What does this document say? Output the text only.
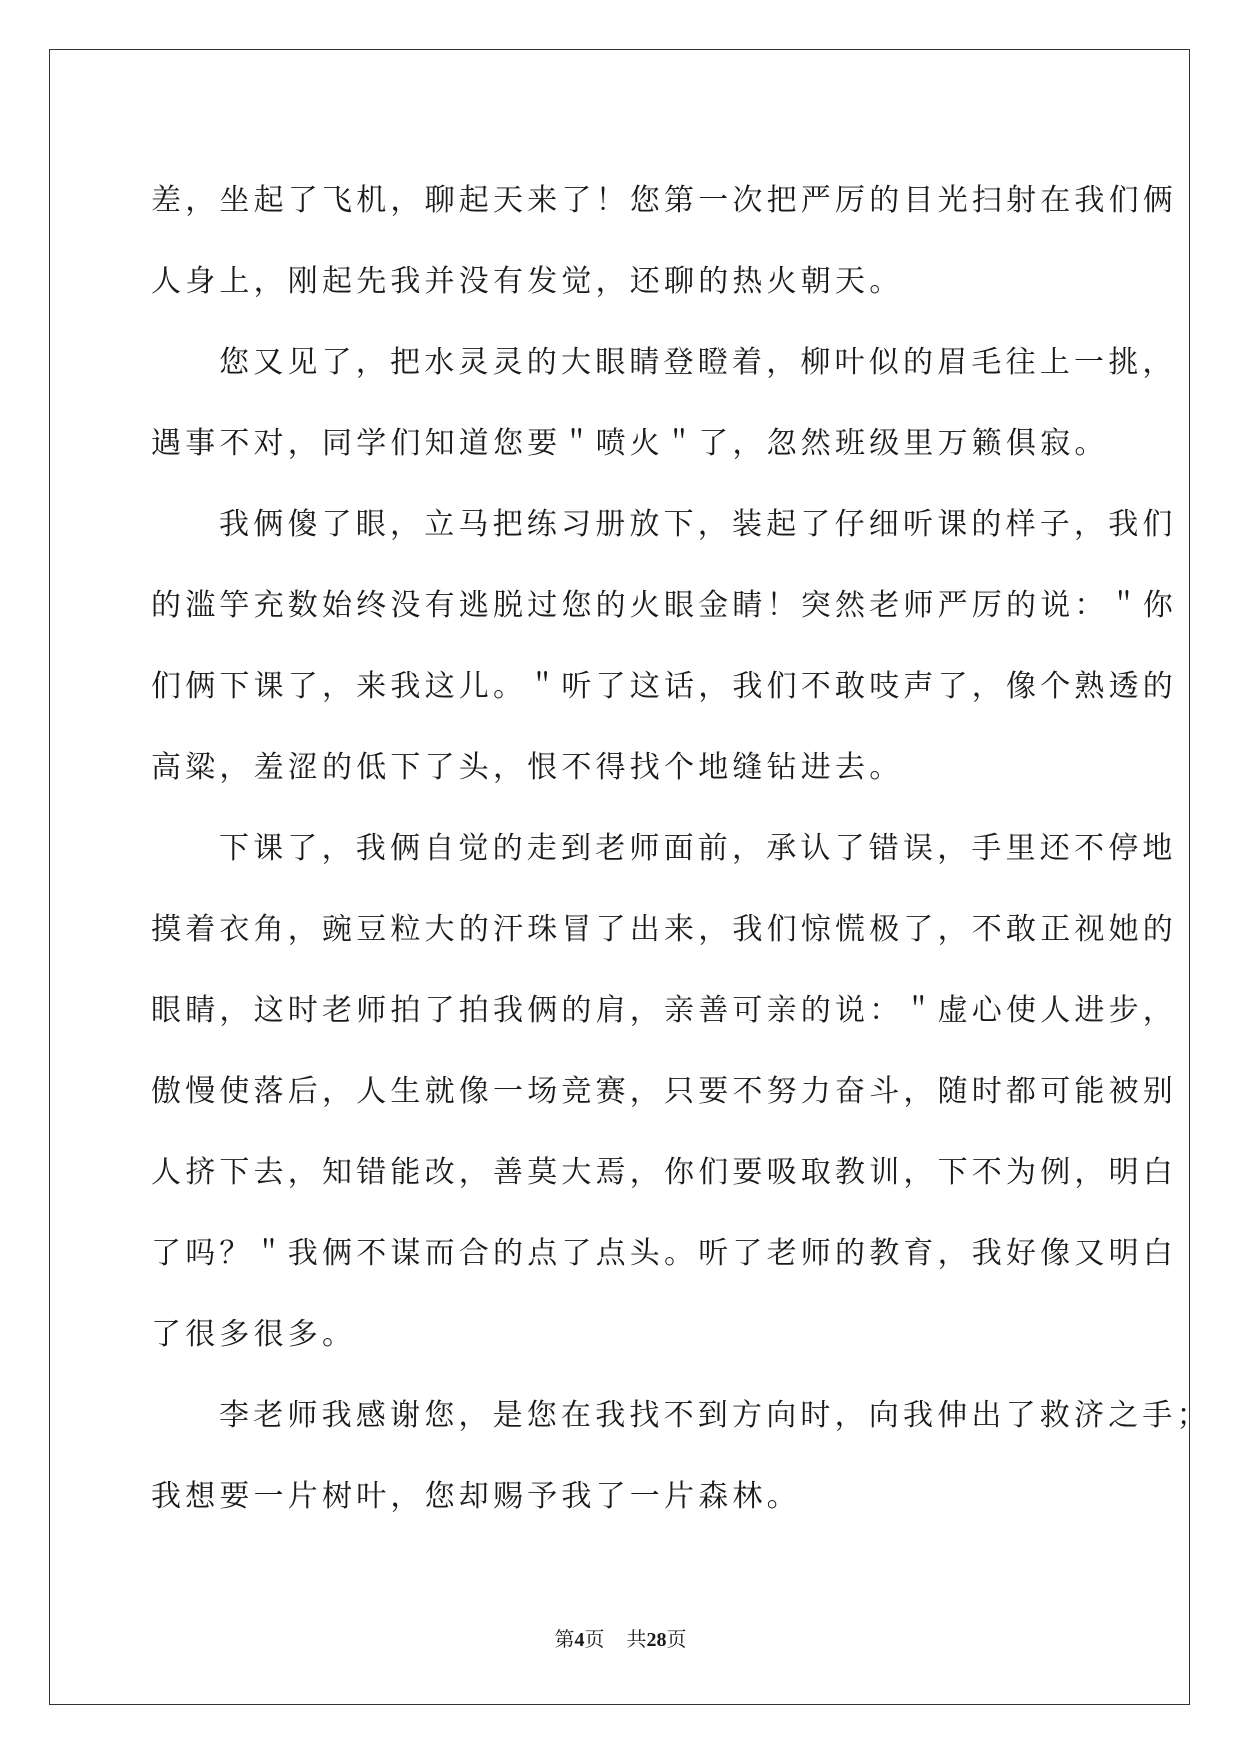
差，坐起了飞机，聊起天来了！您第一次把严厉的目光扫射在我们俩
人身上，刚起先我并没有发觉，还聊的热火朝天。
您又见了，把水灵灵的大眼睛登瞪着，柳叶似的眉毛往上一挑，
遇事不对，同学们知道您要＂喷火＂了，忽然班级里万籁俱寂。
我俩傻了眼，立马把练习册放下，装起了仔细听课的样子，我们
的滥竽充数始终没有逃脱过您的火眼金睛！突然老师严厉的说：＂你
们俩下课了，来我这儿。＂听了这话，我们不敢吱声了，像个熟透的
高粱，羞涩的低下了头，恨不得找个地缝钻进去。
下课了，我俩自觉的走到老师面前，承认了错误，手里还不停地
摸着衣角，豌豆粒大的汗珠冒了出来，我们惊慌极了，不敢正视她的
眼睛，这时老师拍了拍我俩的肩，亲善可亲的说：＂虚心使人进步，
傲慢使落后，人生就像一场竞赛，只要不努力奋斗，随时都可能被别
人挤下去，知错能改，善莫大焉，你们要吸取教训，下不为例，明白
了吗？＂我俩不谋而合的点了点头。听了老师的教育，我好像又明白
了很多很多。
李老师我感谢您，是您在我找不到方向时，向我伸出了救济之手；
我想要一片树叶，您却赐予我了一片森林。
第4页 共28页
